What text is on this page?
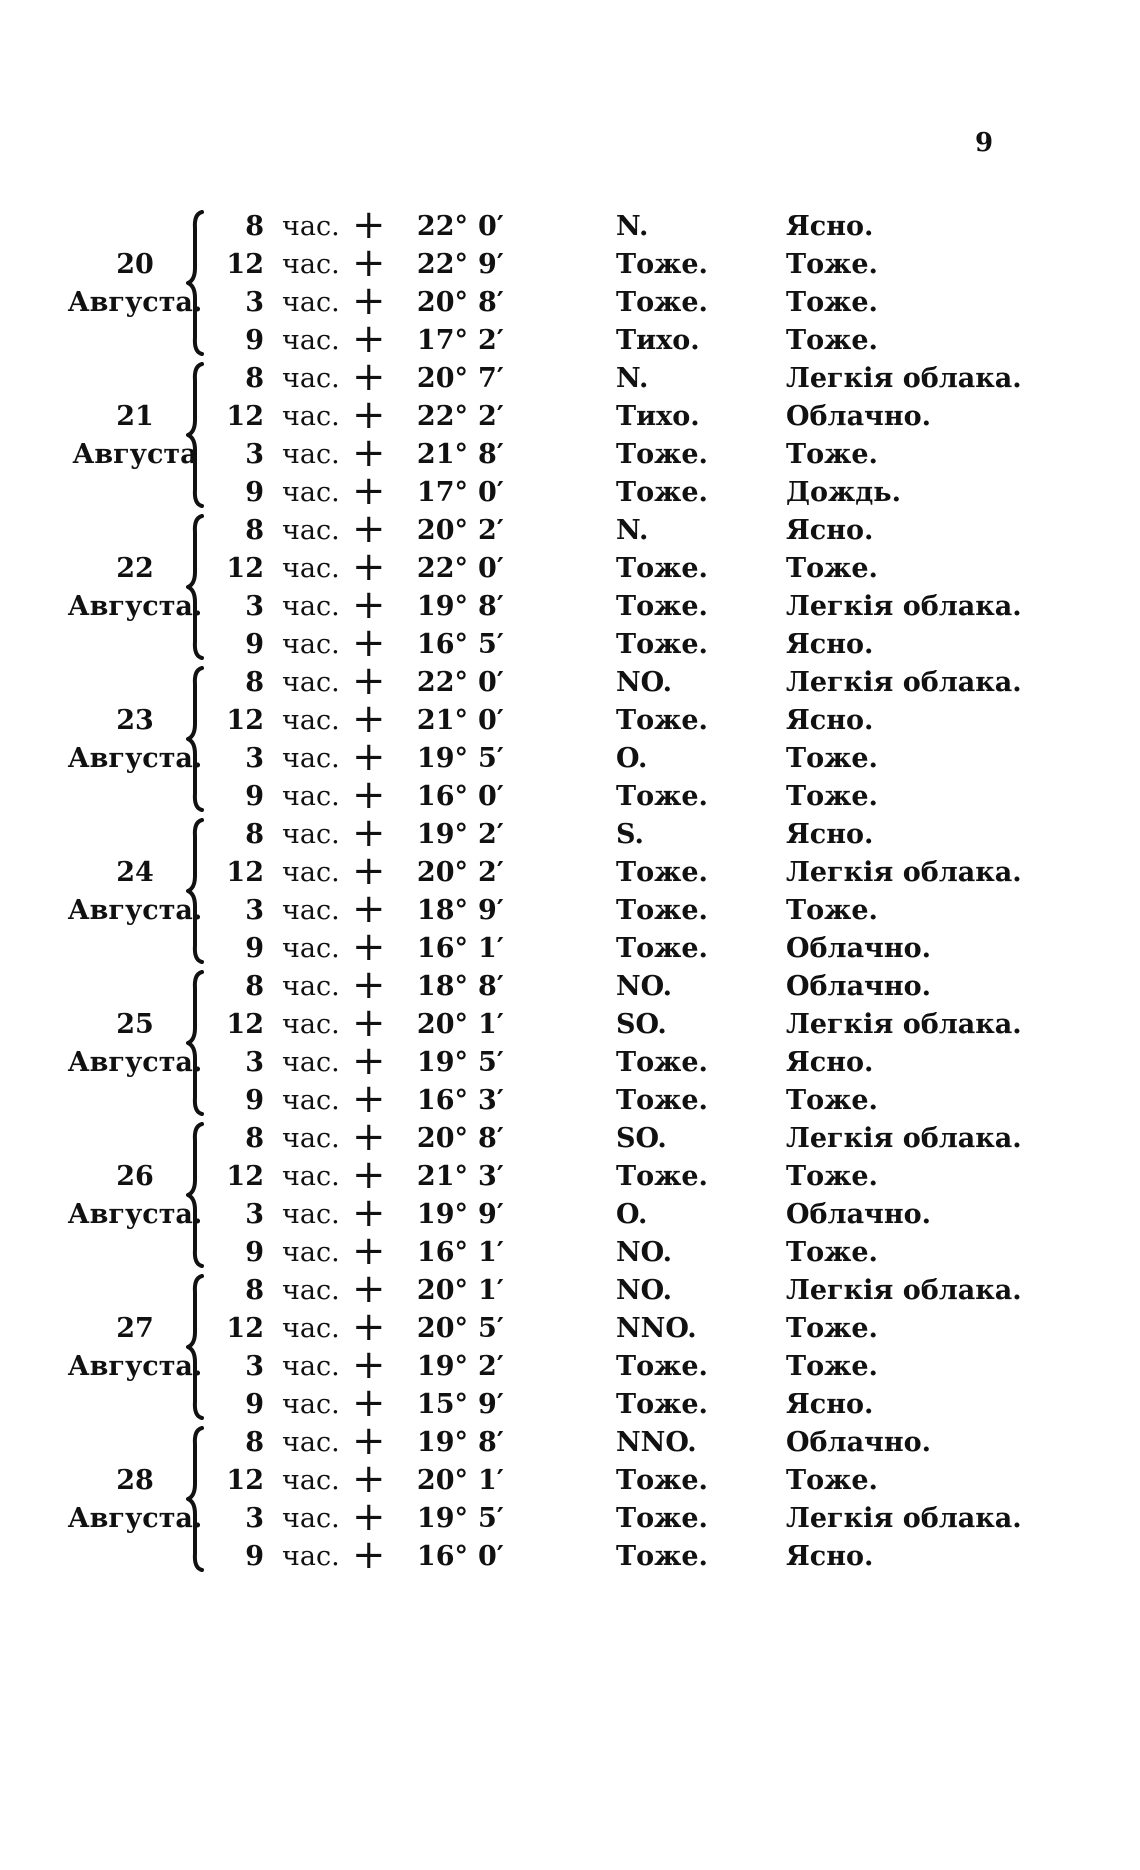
9
20
Августа.
8 час. +	22° 0′	N.	Ясно.
12 час. +	22° 9′	Тоже.	Тоже.
3 час. +	20° 8′	Тоже.	Тоже.
9 час. +	17° 2′	Тихо.	Тоже.
21
Августа
8 час. +	20° 7′	N.	Легкія облака.
12 час. +	22° 2′	Тихо.	Облачно.
3 час. +	21° 8′	Тоже.	Тоже.
9 час. +	17° 0′	Тоже.	Дождь.
22
Августа.
8 час. +	20° 2′	N.	Ясно.
12 час. +	22° 0′	Тоже.	Тоже.
3 час. +	19° 8′	Тоже.	Легкія облака.
9 час. +	16° 5′	Тоже.	Ясно.
23
Августа.
8 час. +	22° 0′	NO.	Легкія облака.
12 час. +	21° 0′	Тоже.	Ясно.
3 час. +	19° 5′	O.	Тоже.
9 час. +	16° 0′	Тоже.	Тоже.
24
Августа.
8 час. +	19° 2′	S.	Ясно.
12 час. +	20° 2′	Тоже.	Легкія облака.
3 час. +	18° 9′	Тоже.	Тоже.
9 час. +	16° 1′	Тоже.	Облачно.
25
Августа.
8 час. +	18° 8′	NO.	Облачно.
12 час. +	20° 1′	SO.	Легкія облака.
3 час. +	19° 5′	Тоже.	Ясно.
9 час. +	16° 3′	Тоже.	Тоже.
26
Августа.
8 час. +	20° 8′	SO.	Легкія облака.
12 час. +	21° 3′	Тоже.	Тоже.
3 час. +	19° 9′	O.	Облачно.
9 час. +	16° 1′	NO.	Тоже.
27
Августа.
8 час. +	20° 1′	NO.	Легкія облака.
12 час. +	20° 5′	NNO.	Тоже.
3 час. +	19° 2′	Тоже.	Тоже.
9 час. +	15° 9′	Тоже.	Ясно.
28
Августа.
8 час. +	19° 8′	NNO.	Облачно.
12 час. +	20° 1′	Тоже.	Тоже.
3 час. +	19° 5′	Тоже.	Легкія облака.
9 час. +	16° 0′	Тоже.	Ясно.
